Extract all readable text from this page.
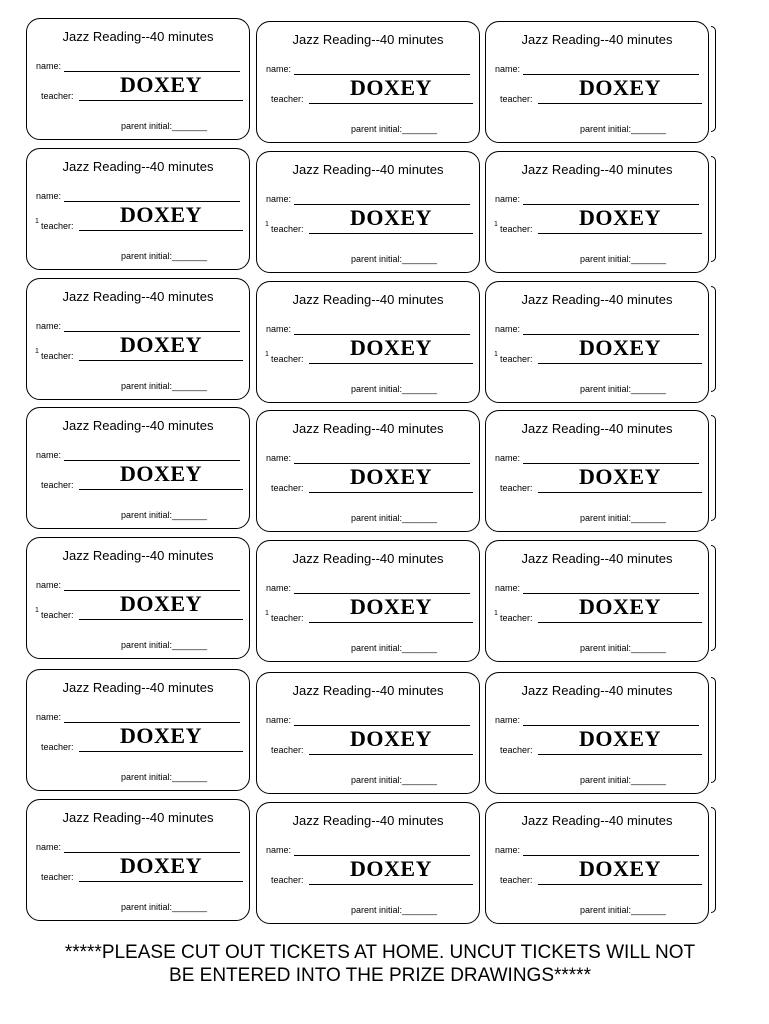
Jazz Reading--40 minutes
name:
teacher:	DOXEY
parent initial:_______
Jazz Reading--40 minutes
name:
teacher:	DOXEY
parent initial:_______
Jazz Reading--40 minutes
name:
teacher:	DOXEY
parent initial:_______
Jazz Reading--40 minutes
name:
1 teacher:	DOXEY
parent initial:_______
Jazz Reading--40 minutes
name:
1 teacher:	DOXEY
parent initial:_______
Jazz Reading--40 minutes
name:
1 teacher:	DOXEY
parent initial:_______
Jazz Reading--40 minutes
name:
1 teacher:	DOXEY
parent initial:_______
Jazz Reading--40 minutes
name:
1 teacher:	DOXEY
parent initial:_______
Jazz Reading--40 minutes
name:
1 teacher:	DOXEY
parent initial:_______
Jazz Reading--40 minutes
name:
teacher:	DOXEY
parent initial:_______
Jazz Reading--40 minutes
name:
teacher:	DOXEY
parent initial:_______
Jazz Reading--40 minutes
name:
teacher:	DOXEY
parent initial:_______
Jazz Reading--40 minutes
name:
1 teacher:	DOXEY
parent initial:_______
Jazz Reading--40 minutes
name:
1 teacher:	DOXEY
parent initial:_______
Jazz Reading--40 minutes
name:
1 teacher:	DOXEY
parent initial:_______
Jazz Reading--40 minutes
name:
teacher:	DOXEY
parent initial:_______
Jazz Reading--40 minutes
name:
teacher:	DOXEY
parent initial:_______
Jazz Reading--40 minutes
name:
teacher:	DOXEY
parent initial:_______
Jazz Reading--40 minutes
name:
teacher:	DOXEY
parent initial:_______
Jazz Reading--40 minutes
name:
teacher:	DOXEY
parent initial:_______
Jazz Reading--40 minutes
name:
teacher:	DOXEY
parent initial:_______
*****PLEASE CUT OUT TICKETS AT HOME. UNCUT TICKETS WILL NOT BE ENTERED INTO THE PRIZE DRAWINGS*****
